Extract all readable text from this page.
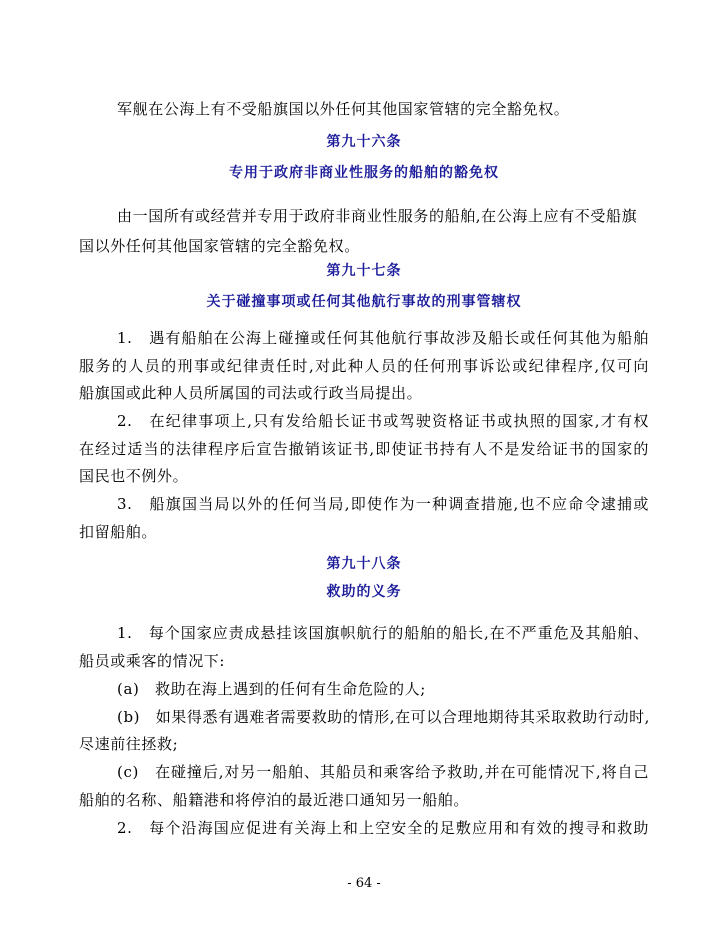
军舰在公海上有不受船旗国以外任何其他国家管辖的完全豁免权。
第九十六条
专用于政府非商业性服务的船舶的豁免权
由一国所有或经营并专用于政府非商业性服务的船舶,在公海上应有不受船旗
国以外任何其他国家管辖的完全豁免权。
第九十七条
关于碰撞事项或任何其他航行事故的刑事管辖权
1.　遇有船舶在公海上碰撞或任何其他航行事故涉及船长或任何其他为船舶
服务的人员的刑事或纪律责任时,对此种人员的任何刑事诉讼或纪律程序,仅可向
船旗国或此种人员所属国的司法或行政当局提出。
2.　在纪律事项上,只有发给船长证书或驾驶资格证书或执照的国家,才有权
在经过适当的法律程序后宣告撤销该证书,即使证书持有人不是发给证书的国家的
国民也不例外。
3.　船旗国当局以外的任何当局,即使作为一种调查措施,也不应命令逮捕或
扣留船舶。
第九十八条
救助的义务
1.　每个国家应责成悬挂该国旗帜航行的船舶的船长,在不严重危及其船舶、
船员或乘客的情况下:
(a)　救助在海上遇到的任何有生命危险的人;
(b)　如果得悉有遇难者需要救助的情形,在可以合理地期待其采取救助行动时,
尽速前往拯救;
(c)　在碰撞后,对另一船舶、其船员和乘客给予救助,并在可能情况下,将自己
船舶的名称、船籍港和将停泊的最近港口通知另一船舶。
2.　每个沿海国应促进有关海上和上空安全的足敷应用和有效的搜寻和救助
- 64 -
